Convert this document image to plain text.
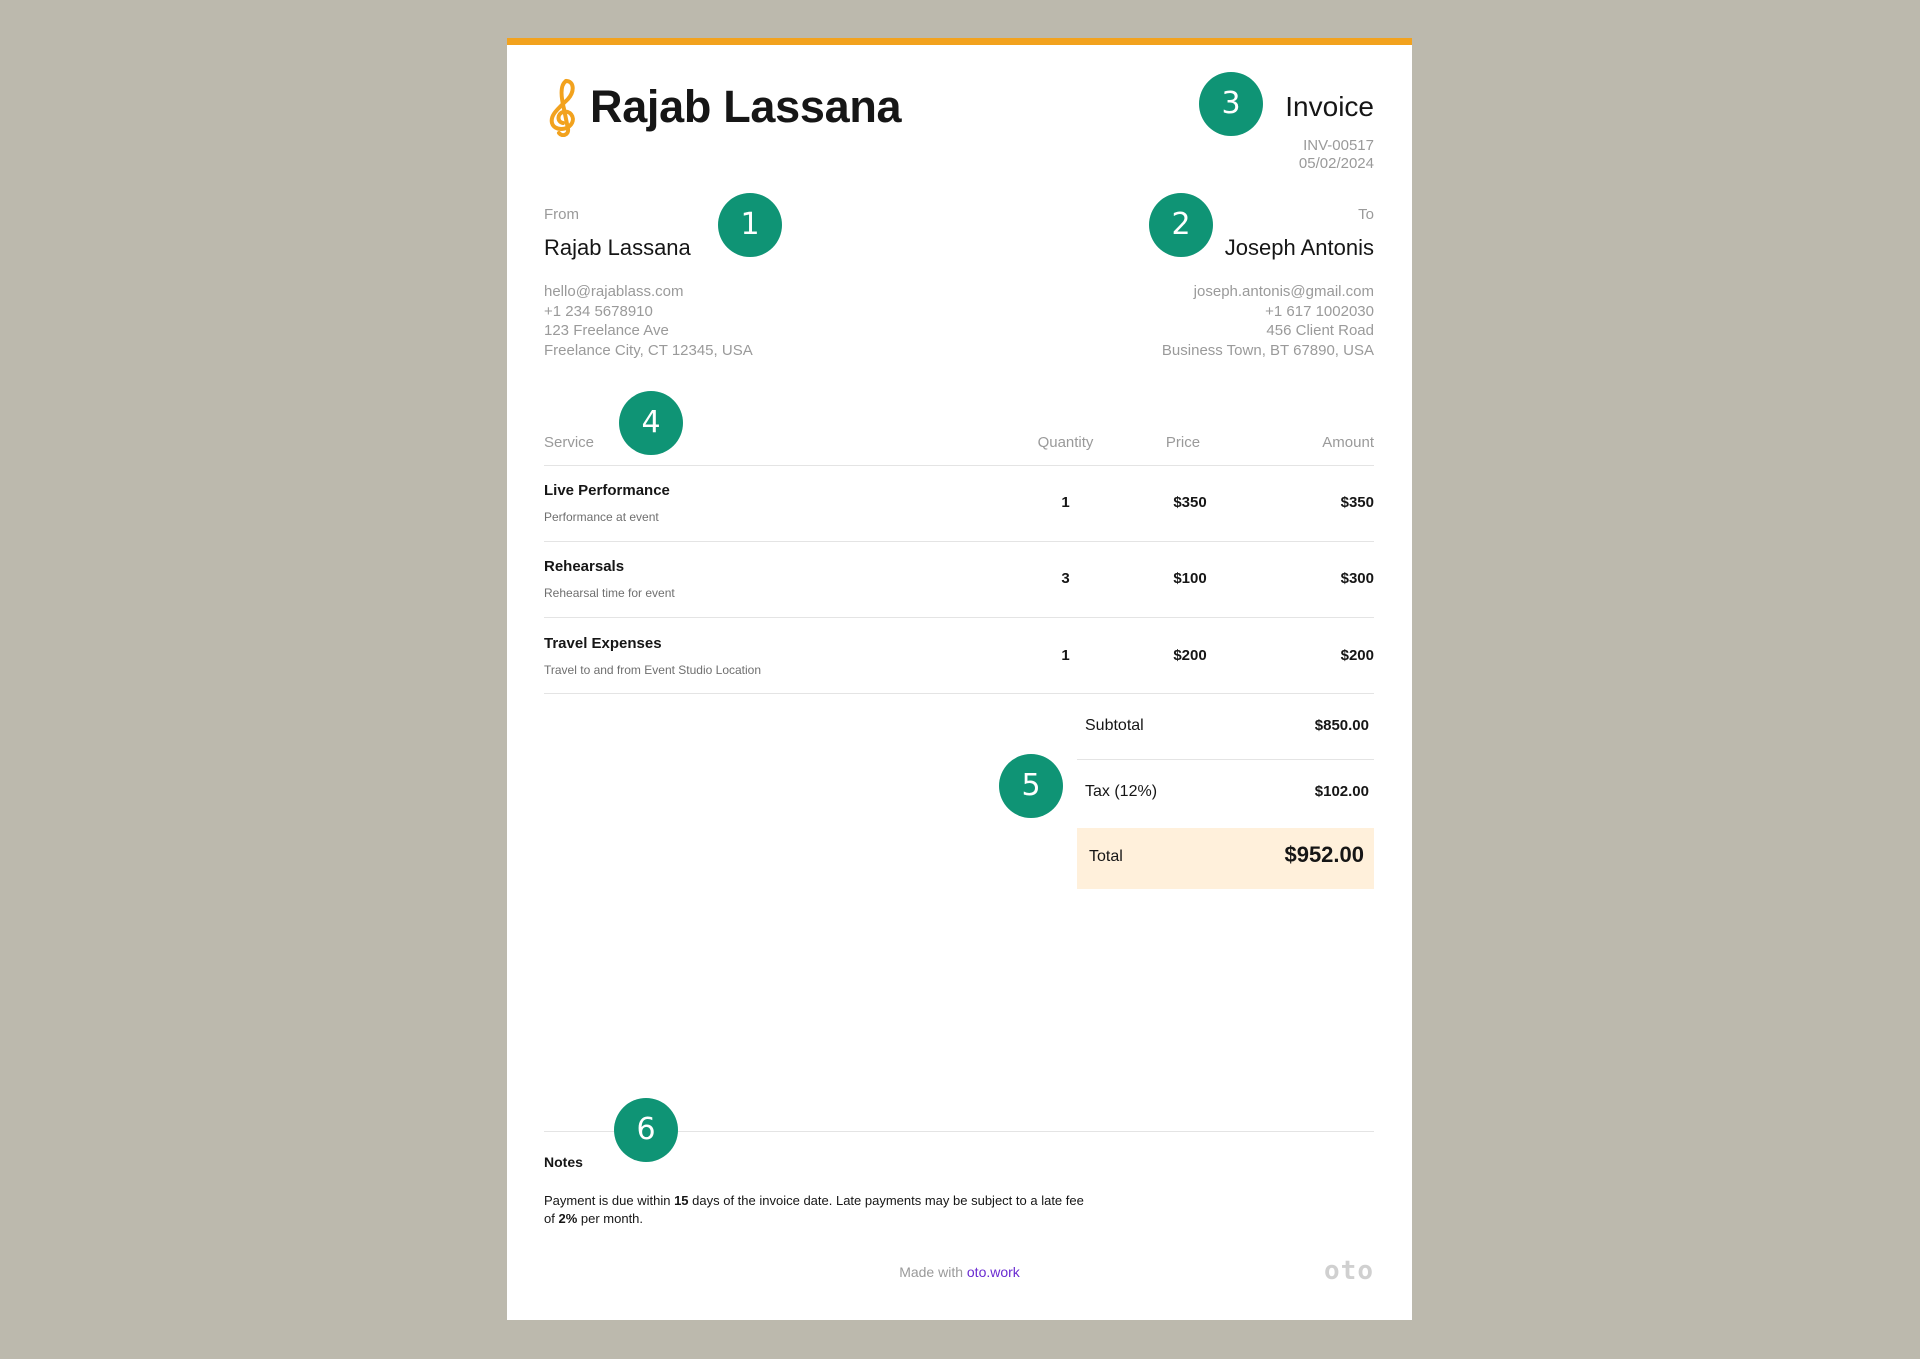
Rajab Lassana	Invoice
INV-00517
05/02/2024
From
Rajab Lassana
hello@rajablass.com
+1 234 5678910
123 Freelance Ave
Freelance City, CT 12345, USA
To
Joseph Antonis
joseph.antonis@gmail.com
+1 617 1002030
456 Client Road
Business Town, BT 67890, USA
Service	Quantity	Price	Amount
Live Performance
Performance at event
1	$350	$350
Rehearsals
Rehearsal time for event
3	$100	$300
Travel Expenses
Travel to and from Event Studio Location
1	$200	$200
Subtotal	$850.00
Tax (12%)	$102.00
Total	$952.00
Notes
Payment is due within 15 days of the invoice date. Late payments may be subject to a late fee of 2% per month.
Made with oto.work	oto
1	2
3
4
5
6
